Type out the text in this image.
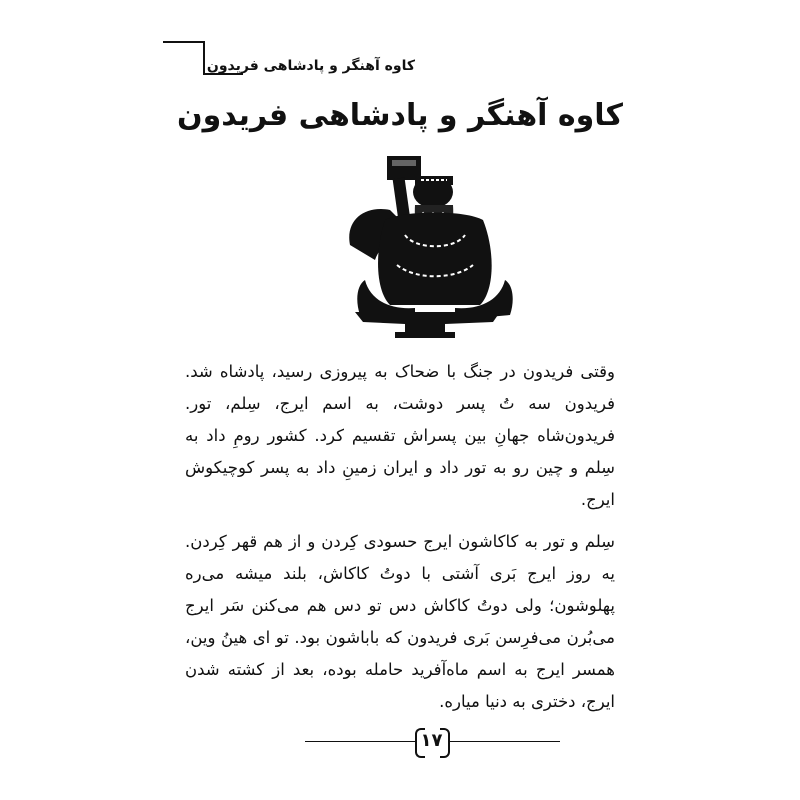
کاوه آهنگر و پادشاهی فریدون
کاوه آهنگر و پادشاهی فریدون

وقتی فریدون در جنگ با ضحاک به پیروزی رسید، پادشاه شد. فریدون سه تُ پسر دوشت، به اسم ایرج، سِلم، تور. فریدون‌شاه جهانِ بین پسراش تقسیم کرد. کشور رومِ داد به سِلم و چین رو به تور داد و ایران زمینِ داد به پسر کوچیکوش ایرج.

سِلم و تور به کاکاشون ایرج حسودی کِردن و از هم قهر کِردن. یه روز ایرج بَری آشتی با دوتُ کاکاش، بلند میشه می‌ره پهلوشون؛ ولی دوتُ کاکاش دس تو دس هم می‌کنن سَر ایرج می‌بُرن می‌فرِسن بَری فریدون که باباشون بود. تو ای هینُ وین، همسر ایرج به اسم ماه‌آفرید حامله بوده، بعد از کشته شدن ایرج، دختری به دنیا میاره.

۱۷
